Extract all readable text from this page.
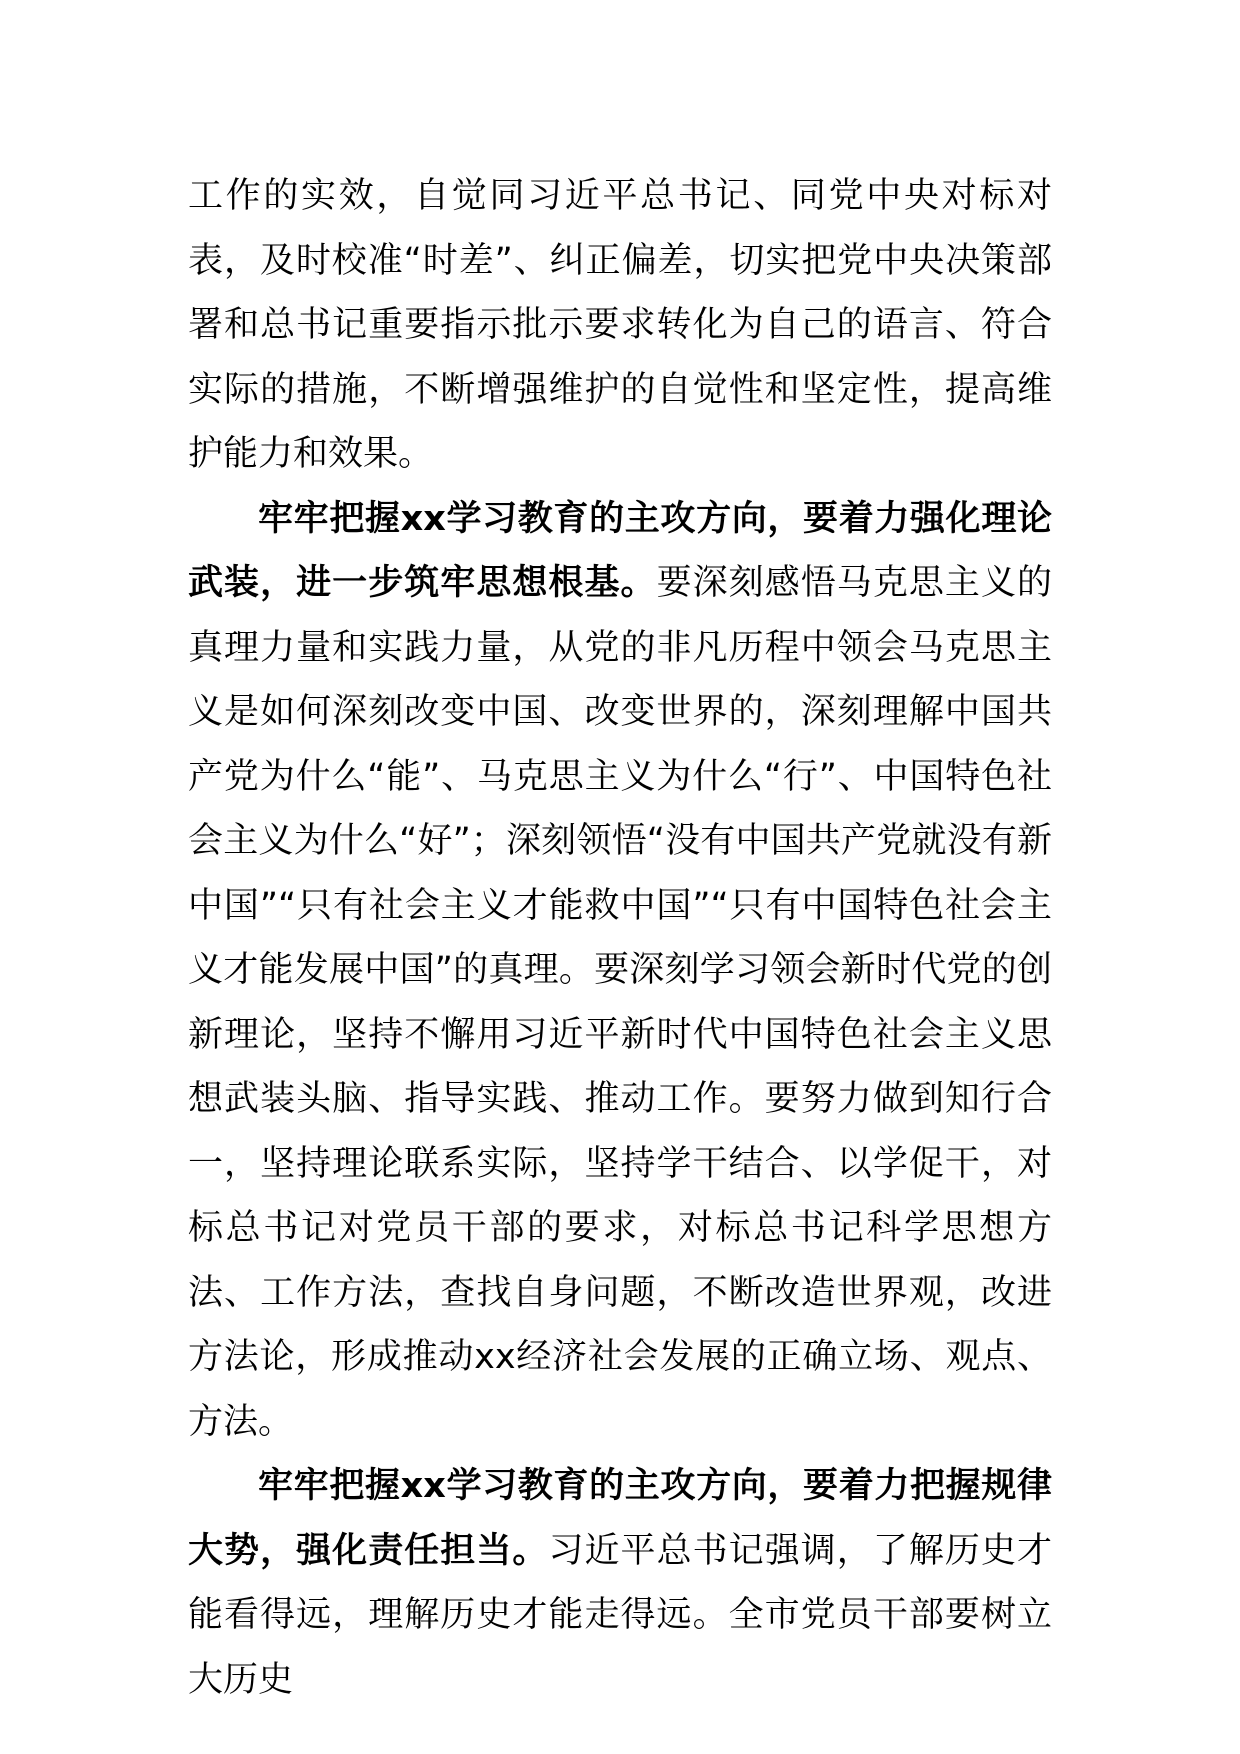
工作的实效，自觉同习近平总书记、同党中央对标对表，及时校准“时差”、纠正偏差，切实把党中央决策部署和总书记重要指示批示要求转化为自己的语言、符合实际的措施，不断增强维护的自觉性和坚定性，提高维护能力和效果。

牢牢把握xx学习教育的主攻方向，要着力强化理论武装，进一步筑牢思想根基。要深刻感悟马克思主义的真理力量和实践力量，从党的非凡历程中领会马克思主义是如何深刻改变中国、改变世界的，深刻理解中国共产党为什么“能”、马克思主义为什么“行”、中国特色社会主义为什么“好”；深刻领悟“没有中国共产党就没有新中国”“只有社会主义才能救中国”“只有中国特色社会主义才能发展中国”的真理。要深刻学习领会新时代党的创新理论，坚持不懈用习近平新时代中国特色社会主义思想武装头脑、指导实践、推动工作。要努力做到知行合一，坚持理论联系实际，坚持学干结合、以学促干，对标总书记对党员干部的要求，对标总书记科学思想方法、工作方法，查找自身问题，不断改造世界观，改进方法论，形成推动xx经济社会发展的正确立场、观点、方法。

牢牢把握xx学习教育的主攻方向，要着力把握规律大势，强化责任担当。习近平总书记强调，了解历史才能看得远，理解历史才能走得远。全市党员干部要树立大历史
